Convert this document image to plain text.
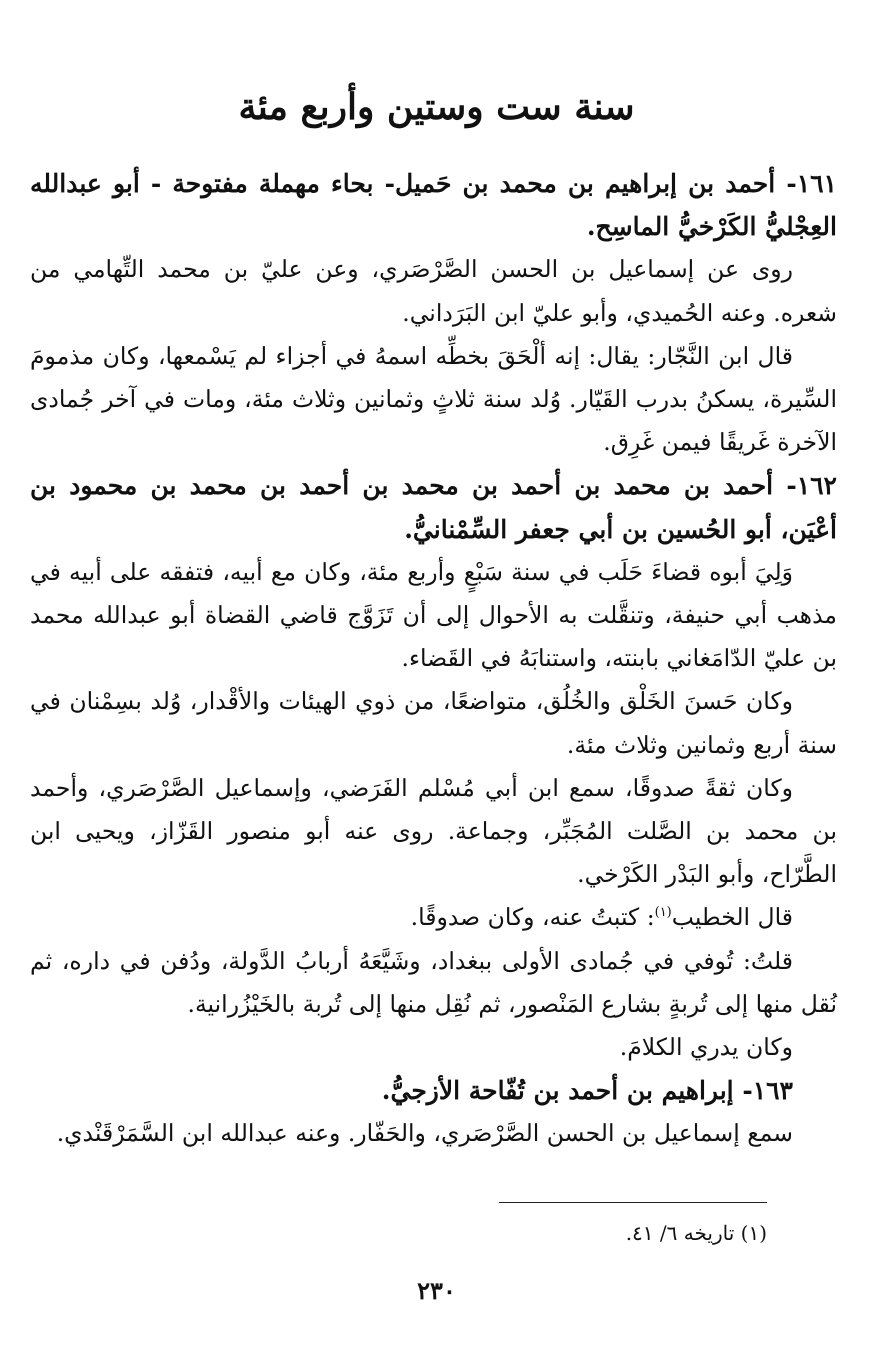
سنة ست وستين وأربع مئة

١٦١- أحمد بن إبراهيم بن محمد بن حَميل- بحاء مهملة مفتوحة - أبو عبدالله العِجْليُّ الكَرْخيُّ الماسِح.

روى عن إسماعيل بن الحسن الصَّرْصَري، وعن عليّ بن محمد التِّهامي من شعره. وعنه الحُميدي، وأبو عليّ ابن البَرَداني.

قال ابن النَّجّار: يقال: إنه ألْحَقَ بخطِّه اسمهُ في أجزاء لم يَسْمعها، وكان مذمومَ السِّيرة، يسكنُ بدرب القَيّار. وُلد سنة ثلاثٍ وثمانين وثلاث مئة، ومات في آخر جُمادى الآخرة غَريقًا فيمن غَرِق.

١٦٢- أحمد بن محمد بن أحمد بن محمد بن أحمد بن محمد بن محمود بن أعْيَن، أبو الحُسين بن أبي جعفر السِّمْنانيُّ.

وَلِيَ أبوه قضاءَ حَلَب في سنة سَبْعٍ وأربع مئة، وكان مع أبيه، فتفقه على أبيه في مذهب أبي حنيفة، وتنقَّلت به الأحوال إلى أن تَزَوَّج قاضي القضاة أبو عبدالله محمد بن عليّ الدّامَغاني بابنته، واستنابَهُ في القَضاء.

وكان حَسنَ الخَلْق والخُلُق، متواضعًا، من ذوي الهيئات والأقْدار، وُلد بسِمْنان في سنة أربع وثمانين وثلاث مئة.

وكان ثقةً صدوقًا، سمع ابن أبي مُسْلم الفَرَضي، وإسماعيل الصَّرْصَري، وأحمد بن محمد بن الصَّلت المُجَبِّر، وجماعة. روى عنه أبو منصور القَزّاز، ويحيى ابن الطَّرّاح، وأبو البَدْر الكَرْخي.

قال الخطيب$^{(١)}$: كتبتُ عنه، وكان صدوقًا.

قلتُ: تُوفي في جُمادى الأولى ببغداد، وشَيَّعَهُ أربابُ الدَّولة، ودُفن في داره، ثم نُقل منها إلى تُربةٍ بشارع المَنْصور، ثم نُقِل منها إلى تُربة بالخَيْزُرانية.

وكان يدري الكلامَ.

١٦٣- إبراهيم بن أحمد بن تُفّاحة الأزجيُّ.

سمع إسماعيل بن الحسن الصَّرْصَري، والحَفّار. وعنه عبدالله ابن السَّمَرْقَنْدي.

(١) تاريخه ٦/ ٤١.

٢٣٠
